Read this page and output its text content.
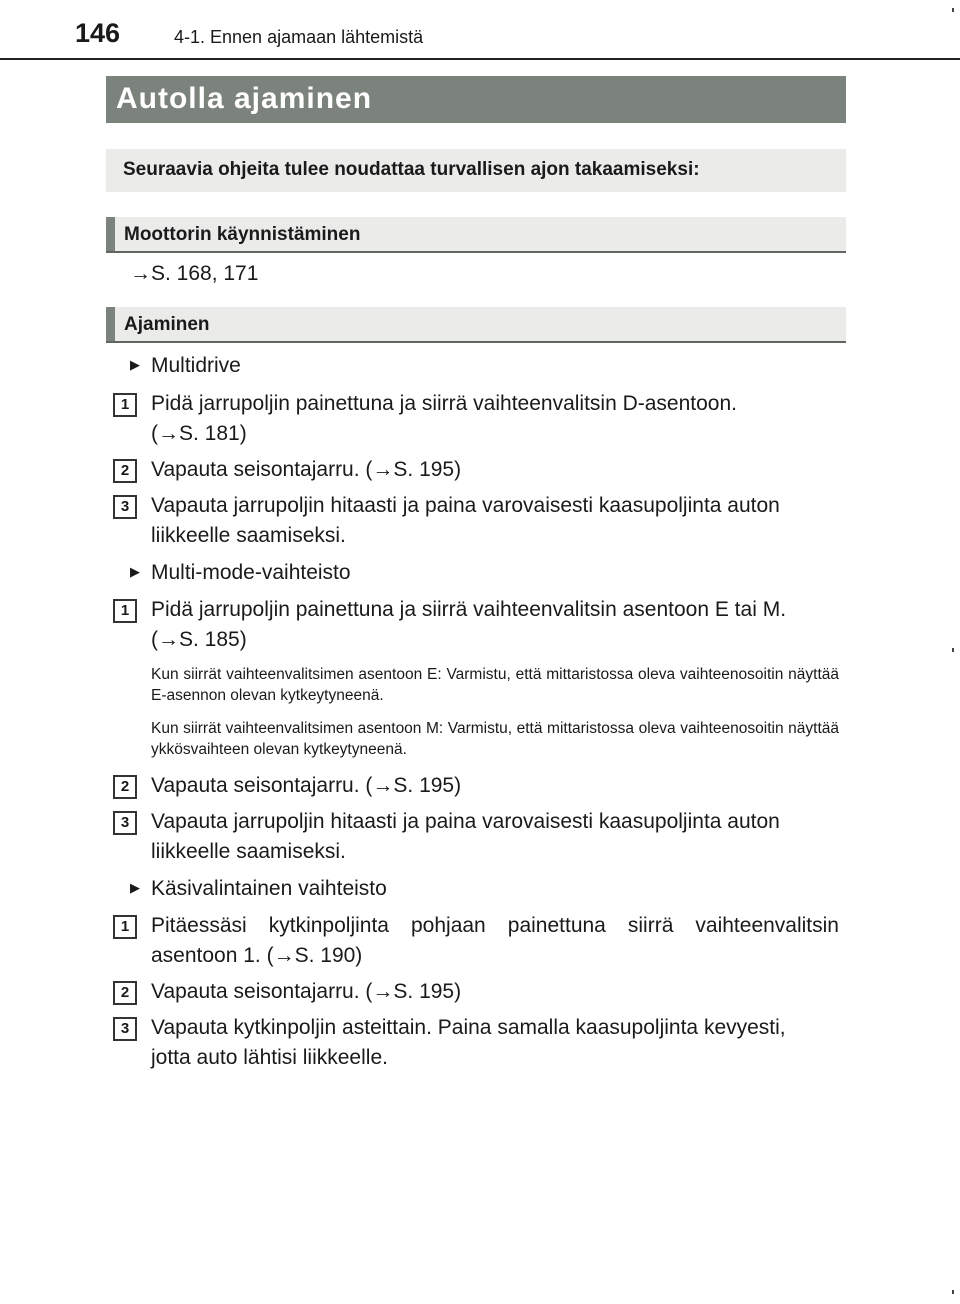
146	4-1. Ennen ajamaan lähtemistä
Autolla ajaminen
Seuraavia ohjeita tulee noudattaa turvallisen ajon takaamiseksi:
Moottorin käynnistäminen
→S. 168, 171
Ajaminen
▶ Multidrive
1	Pidä jarrupoljin painettuna ja siirrä vaihteenvalitsin D-asentoon.
(→S. 181)
2	Vapauta seisontajarru. (→S. 195)
3	Vapauta jarrupoljin hitaasti ja paina varovaisesti kaasupoljinta auton
liikkeelle saamiseksi.
▶ Multi-mode-vaihteisto
1	Pidä jarrupoljin painettuna ja siirrä vaihteenvalitsin asentoon E tai M.
(→S. 185)
Kun siirrät vaihteenvalitsimen asentoon E: Varmistu, että mittaristossa oleva vaihteenosoitin näyttää E-asennon olevan kytkeytyneenä.
Kun siirrät vaihteenvalitsimen asentoon M: Varmistu, että mittaristossa oleva vaihteenosoitin näyttää ykkösvaihteen olevan kytkeytyneenä.
2	Vapauta seisontajarru. (→S. 195)
3	Vapauta jarrupoljin hitaasti ja paina varovaisesti kaasupoljinta auton
liikkeelle saamiseksi.
▶ Käsivalintainen vaihteisto
1	Pitäessäsi kytkinpoljinta pohjaan painettuna siirrä vaihteenvalitsin
asentoon 1. (→S. 190)
2	Vapauta seisontajarru. (→S. 195)
3	Vapauta kytkinpoljin asteittain. Paina samalla kaasupoljinta kevyesti,
jotta auto lähtisi liikkeelle.
